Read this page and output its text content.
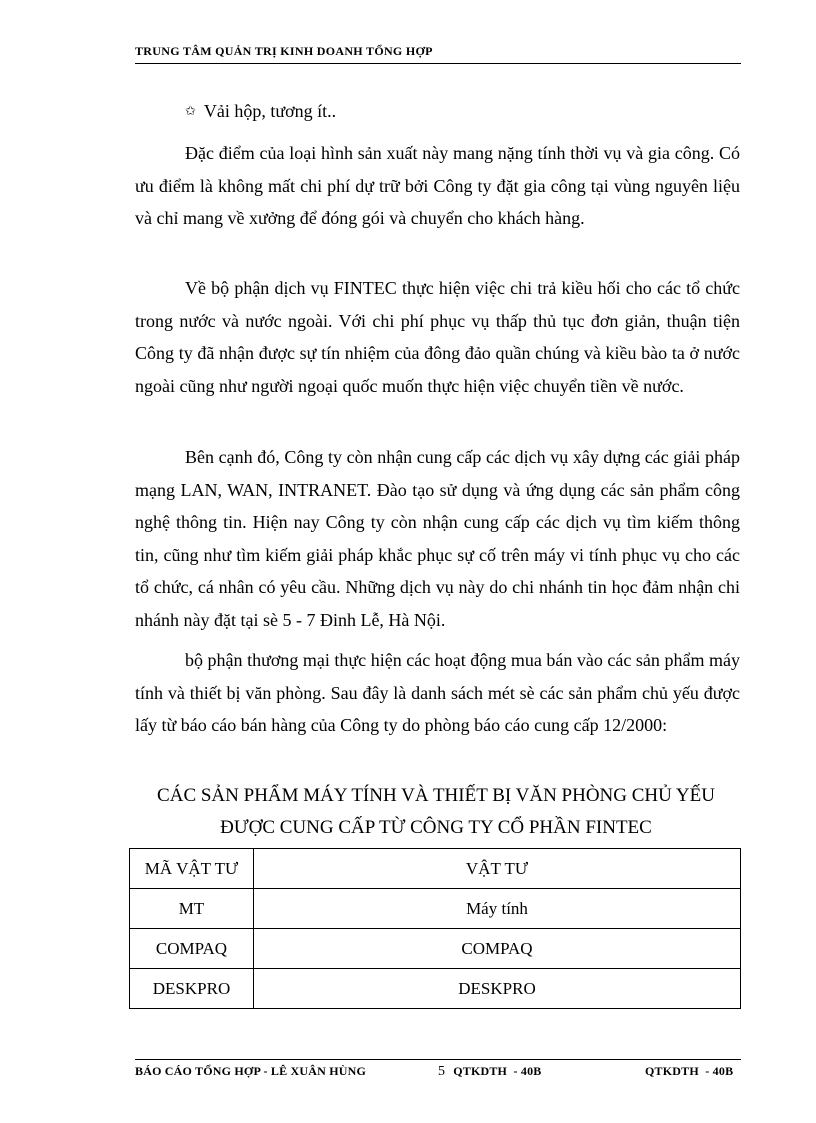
TRUNG TÂM QUẢN TRỊ KINH DOANH TỔNG HỢP
✩ Vải hộp, tương ít..

Đặc điểm của loại hình sản xuất này mang nặng tính thời vụ và gia công. Có ưu điểm là không mất chi phí dự trữ bởi Công ty đặt gia công tại vùng nguyên liệu và chỉ mang về xưởng để đóng gói và chuyển cho khách hàng.

Về bộ phận dịch vụ FINTEC thực hiện việc chi trả kiều hối cho các tổ chức trong nước và nước ngoài. Với chi phí phục vụ thấp thủ tục đơn giản, thuận tiện Công ty đã nhận được sự tín nhiệm của đông đảo quần chúng và kiều bào ta ở nước ngoài cũng như người ngoại quốc muốn thực hiện việc chuyển tiền về nước.

Bên cạnh đó, Công ty còn nhận cung cấp các dịch vụ xây dựng các giải pháp mạng LAN, WAN, INTRANET. Đào tạo sử dụng và ứng dụng các sản phẩm công nghệ thông tin. Hiện nay Công ty còn nhận cung cấp các dịch vụ tìm kiếm thông tin, cũng như tìm kiếm giải pháp khắc phục sự cố trên máy vi tính phục vụ cho các tổ chức, cá nhân có yêu cầu. Những dịch vụ này do chi nhánh tin học đảm nhận chi nhánh này đặt tại sè 5 - 7 Đinh Lễ, Hà Nội.

bộ phận thương mại thực hiện các hoạt động mua bán vào các sản phẩm máy tính và thiết bị văn phòng. Sau đây là danh sách mét sè các sản phẩm chủ yếu được lấy từ báo cáo bán hàng của Công ty do phòng báo cáo cung cấp 12/2000:

CÁC SẢN PHẨM MÁY TÍNH VÀ THIẾT BỊ VĂN PHÒNG CHỦ YẾU
ĐƯỢC CUNG CẤP TỪ CÔNG TY CỔ PHẦN FINTEC
MÃ VẬT TƯ	VẬT TƯ
MT	Máy tính
COMPAQ	COMPAQ
DESKPRO	DESKPRO
BÁO CÁO TỔNG HỢP - LÊ XUÂN HÙNG	5 QTKDTH  - 40B	QTKDTH  - 40B
